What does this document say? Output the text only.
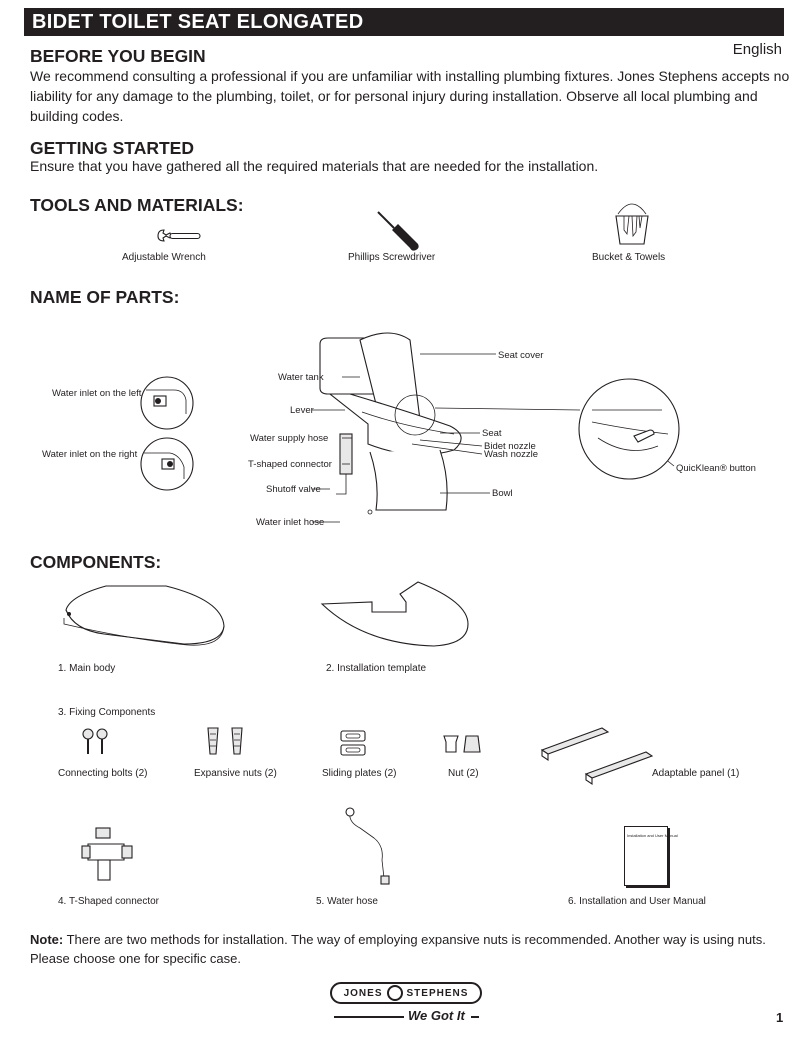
BIDET TOILET SEAT ELONGATED
English
BEFORE YOU BEGIN
We recommend consulting a professional if you are unfamiliar with installing plumbing fixtures. Jones Stephens accepts no
liability for any damage to the plumbing, toilet, or for personal injury during installation. Observe all local plumbing and
building codes.
GETTING STARTED
Ensure that you have gathered all the required materials that are needed for the installation.
TOOLS AND MATERIALS:
Adjustable Wrench	Phillips Screwdriver	Bucket & Towels
NAME OF PARTS:
Water inlet on the left
Water inlet on the right
Water tank
Lever
Water supply hose
T-shaped connector
Shutoff valve
Water inlet hose
Seat cover
Seat
Bidet nozzle
Wash nozzle
Bowl
QuicKlean® button
COMPONENTS:
1. Main body	2. Installation template
3. Fixing Components
Connecting bolts (2)	Expansive nuts (2)	Sliding plates (2)	Nut (2)	Adaptable panel (1)
4. T-Shaped connector	5. Water hose
Installation and User Manual
6. Installation and User Manual
Note: There are two methods for installation. The way of employing expansive nuts is recommended. Another way is using nuts.
Please choose one for specific case.
JONES STEPHENS
We Got It	1
